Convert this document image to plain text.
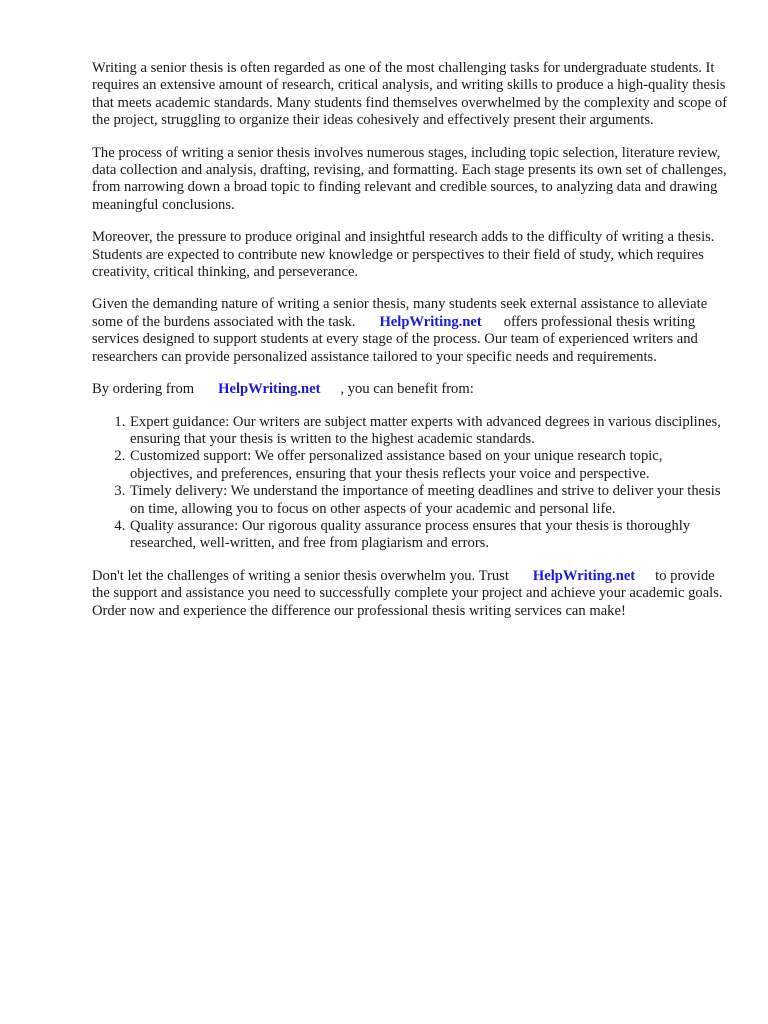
Writing a senior thesis is often regarded as one of the most challenging tasks for undergraduate students. It requires an extensive amount of research, critical analysis, and writing skills to produce a high-quality thesis that meets academic standards. Many students find themselves overwhelmed by the complexity and scope of the project, struggling to organize their ideas cohesively and effectively present their arguments.

The process of writing a senior thesis involves numerous stages, including topic selection, literature review, data collection and analysis, drafting, revising, and formatting. Each stage presents its own set of challenges, from narrowing down a broad topic to finding relevant and credible sources, to analyzing data and drawing meaningful conclusions.

Moreover, the pressure to produce original and insightful research adds to the difficulty of writing a thesis. Students are expected to contribute new knowledge or perspectives to their field of study, which requires creativity, critical thinking, and perseverance.

Given the demanding nature of writing a senior thesis, many students seek external assistance to alleviate some of the burdens associated with the task. HelpWriting.net offers professional thesis writing services designed to support students at every stage of the process. Our team of experienced writers and researchers can provide personalized assistance tailored to your specific needs and requirements.

By ordering from HelpWriting.net , you can benefit from:

1. Expert guidance: Our writers are subject matter experts with advanced degrees in various disciplines, ensuring that your thesis is written to the highest academic standards.
2. Customized support: We offer personalized assistance based on your unique research topic, objectives, and preferences, ensuring that your thesis reflects your voice and perspective.
3. Timely delivery: We understand the importance of meeting deadlines and strive to deliver your thesis on time, allowing you to focus on other aspects of your academic and personal life.
4. Quality assurance: Our rigorous quality assurance process ensures that your thesis is thoroughly researched, well-written, and free from plagiarism and errors.

Don't let the challenges of writing a senior thesis overwhelm you. Trust HelpWriting.net to provide the support and assistance you need to successfully complete your project and achieve your academic goals. Order now and experience the difference our professional thesis writing services can make!
